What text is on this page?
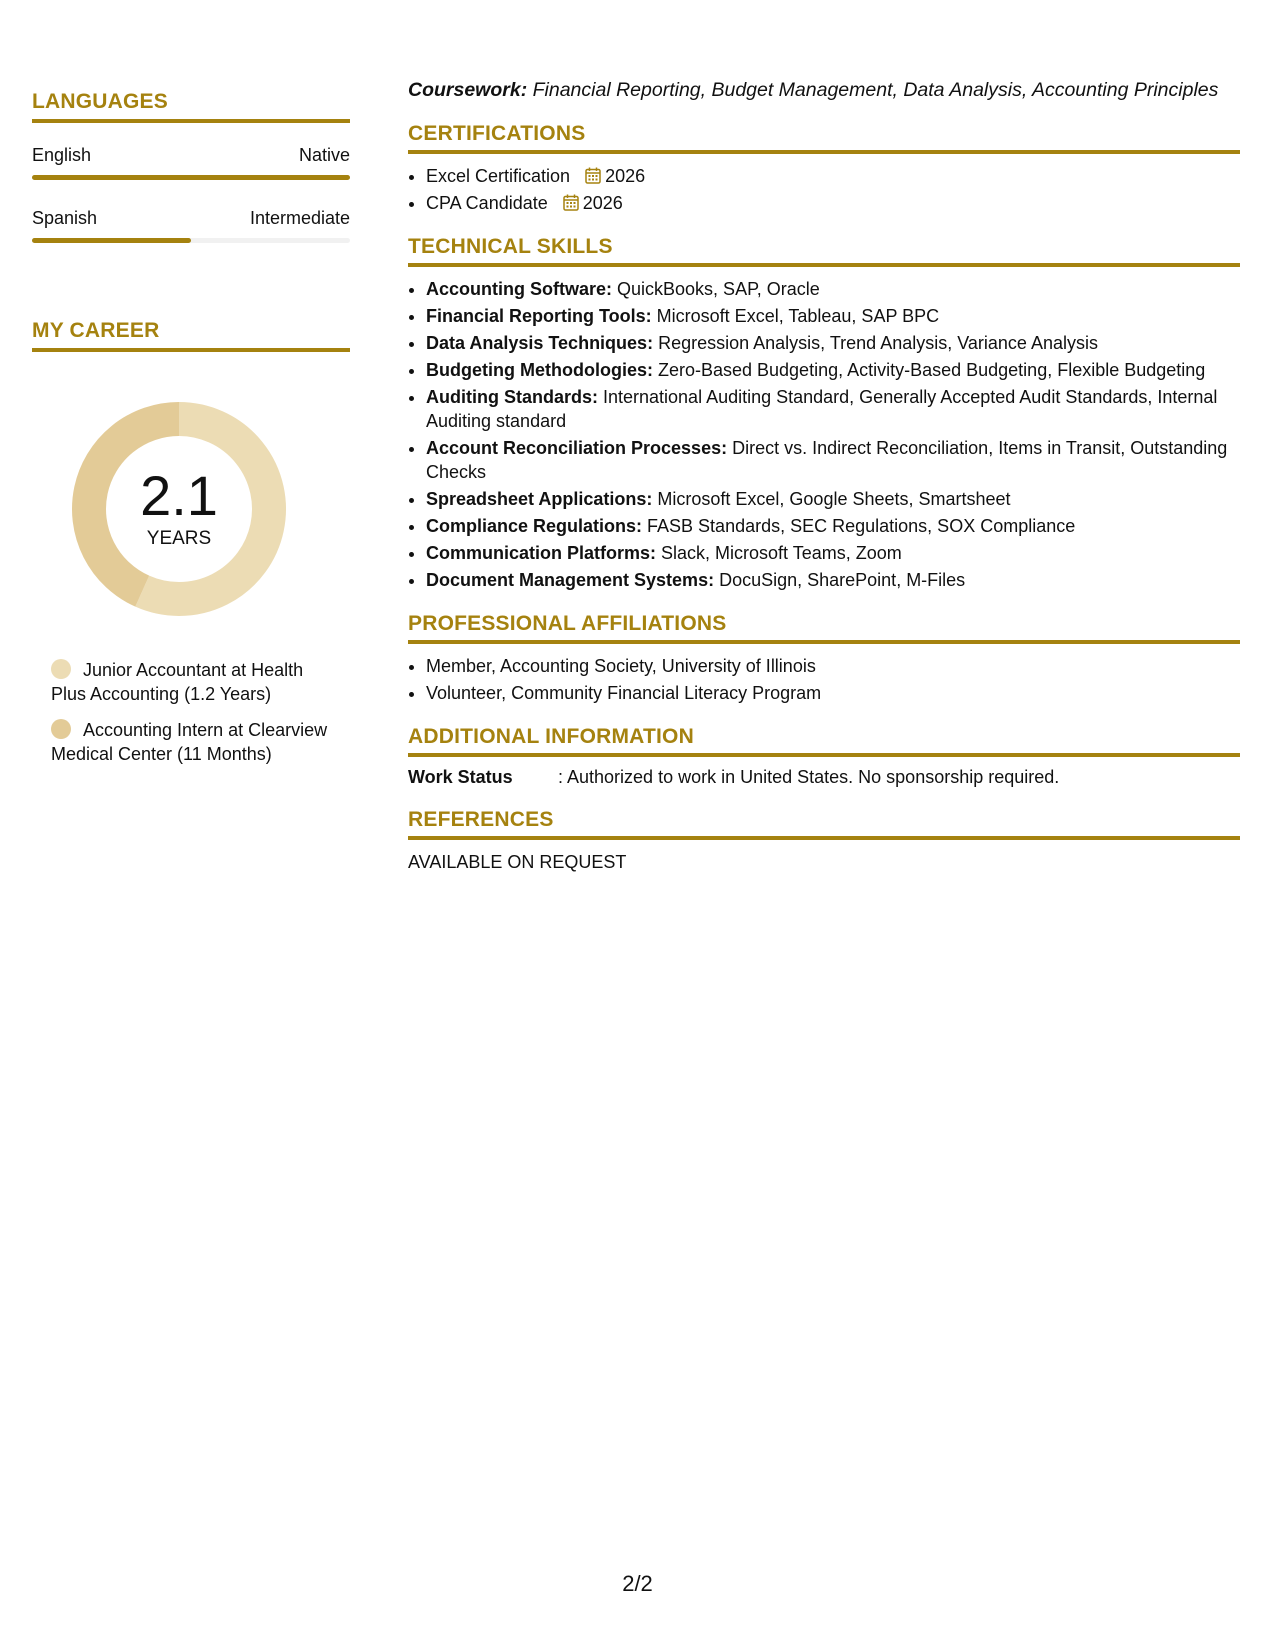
LANGUAGES
English	Native
Spanish	Intermediate
MY CAREER
2.1
YEARS
Junior Accountant at Health Plus Accounting (1.2 Years)
Accounting Intern at Clearview Medical Center (11 Months)
Coursework: Financial Reporting, Budget Management, Data Analysis, Accounting Principles
CERTIFICATIONS
• Excel Certification 2026
• CPA Candidate 2026
TECHNICAL SKILLS
• Accounting Software: QuickBooks, SAP, Oracle
• Financial Reporting Tools: Microsoft Excel, Tableau, SAP BPC
• Data Analysis Techniques: Regression Analysis, Trend Analysis, Variance Analysis
• Budgeting Methodologies: Zero-Based Budgeting, Activity-Based Budgeting, Flexible Budgeting
• Auditing Standards: International Auditing Standard, Generally Accepted Audit Standards, Internal Auditing standard
• Account Reconciliation Processes: Direct vs. Indirect Reconciliation, Items in Transit, Outstanding Checks
• Spreadsheet Applications: Microsoft Excel, Google Sheets, Smartsheet
• Compliance Regulations: FASB Standards, SEC Regulations, SOX Compliance
• Communication Platforms: Slack, Microsoft Teams, Zoom
• Document Management Systems: DocuSign, SharePoint, M-Files
PROFESSIONAL AFFILIATIONS
• Member, Accounting Society, University of Illinois
• Volunteer, Community Financial Literacy Program
ADDITIONAL INFORMATION
Work Status	: Authorized to work in United States. No sponsorship required.
REFERENCES
AVAILABLE ON REQUEST
2/2
